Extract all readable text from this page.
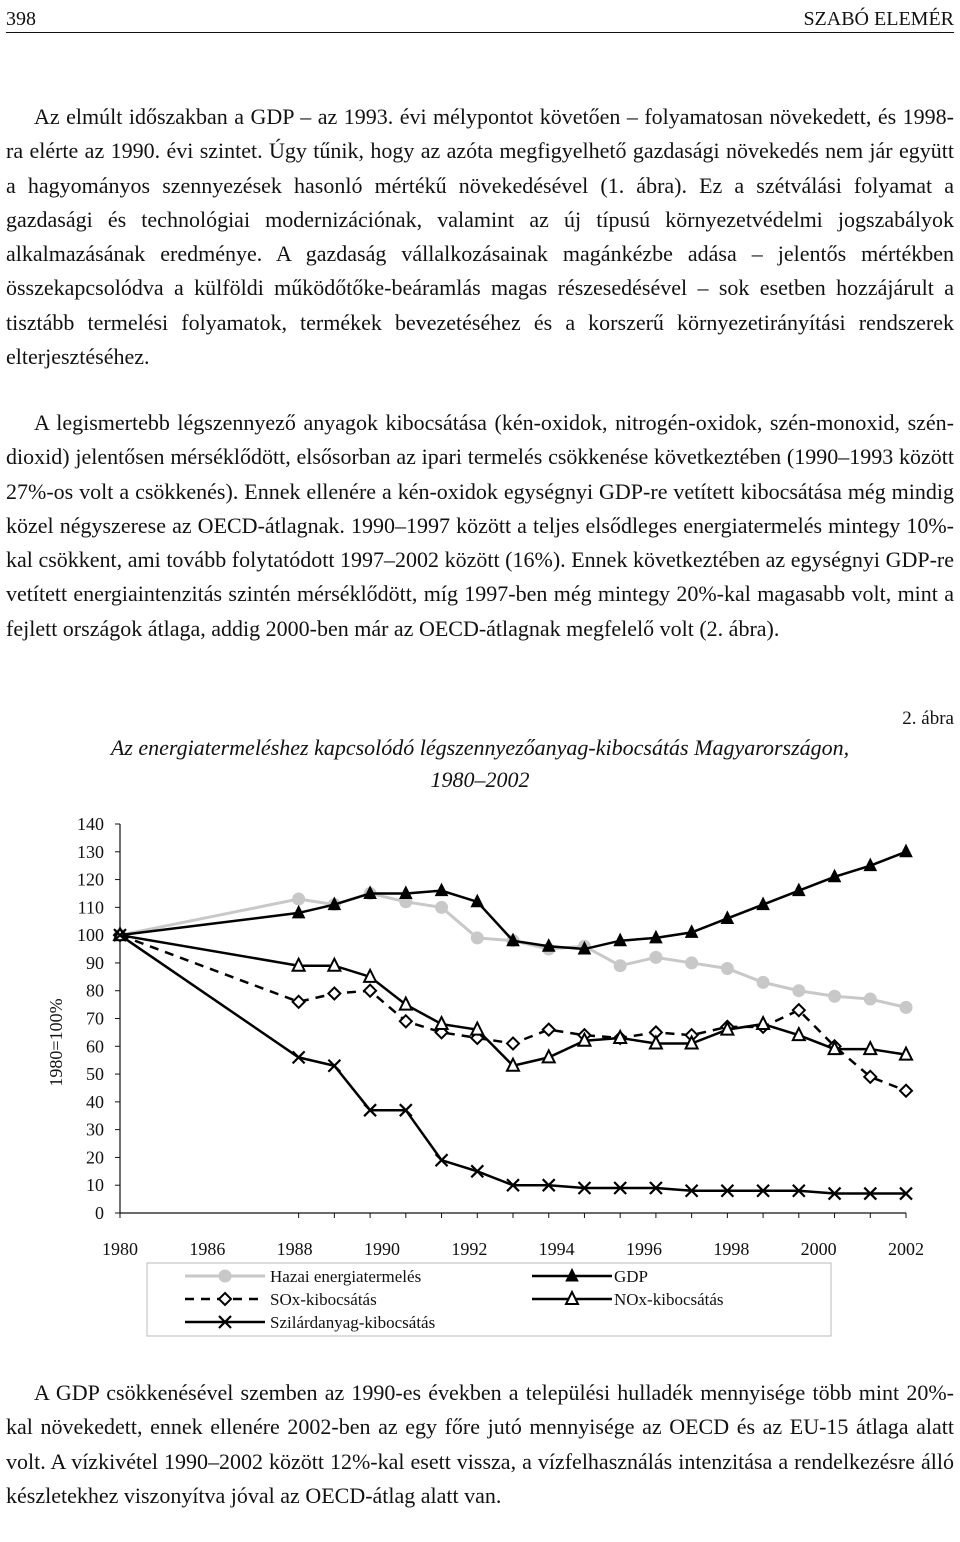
398	SZABÓ ELEMÉR

Az elmúlt időszakban a GDP – az 1993. évi mélypontot követően – folyamatosan növekedett, és 1998-ra elérte az 1990. évi szintet. Úgy tűnik, hogy az azóta megfigyelhető gazdasági növekedés nem jár együtt a hagyományos szennyezések hasonló mértékű növekedésével (1. ábra). Ez a szétválási folyamat a gazdasági és technológiai modernizációnak, valamint az új típusú környezetvédelmi jogszabályok alkalmazásának eredménye. A gazdaság vállalkozásainak magánkézbe adása – jelentős mértékben összekapcsolódva a külföldi működőtőke-beáramlás magas részesedésével – sok esetben hozzájárult a tisztább termelési folyamatok, termékek bevezetéséhez és a korszerű környezetirányítási rendszerek elterjesztéséhez.

A legismertebb légszennyező anyagok kibocsátása (kén-oxidok, nitrogén-oxidok, szén-monoxid, szén-dioxid) jelentősen mérséklődött, elsősorban az ipari termelés csökkenése következtében (1990–1993 között 27%-os volt a csökkenés). Ennek ellenére a kén-oxidok egységnyi GDP-re vetített kibocsátása még mindig közel négyszerese az OECD-átlagnak. 1990–1997 között a teljes elsődleges energiatermelés mintegy 10%-kal csökkent, ami tovább folytatódott 1997–2002 között (16%). Ennek következtében az egységnyi GDP-re vetített energiaintenzitás szintén mérséklődött, míg 1997-ben még mintegy 20%-kal magasabb volt, mint a fejlett országok átlaga, addig 2000-ben már az OECD-átlagnak megfelelő volt (2. ábra).

2. ábra
Az energiatermeléshez kapcsolódó légszennyezőanyag-kibocsátás Magyarországon,
1980–2002
0
10
20
30
40
50
60
70
80
90
100
110
120
130
140
1980	1986	1988	1990	1992	1994	1996	1998	2000	2002
1980=100%
Hazai energiatermelés	GDP
SOx-kibocsátás	NOx-kibocsátás
Szilárdanyag-kibocsátás

A GDP csökkenésével szemben az 1990-es években a települési hulladék mennyisége több mint 20%-kal növekedett, ennek ellenére 2002-ben az egy főre jutó mennyisége az OECD és az EU-15 átlaga alatt volt. A vízkivétel 1990–2002 között 12%-kal esett vissza, a vízfelhasználás intenzitása a rendelkezésre álló készletekhez viszonyítva jóval az OECD-átlag alatt van.
